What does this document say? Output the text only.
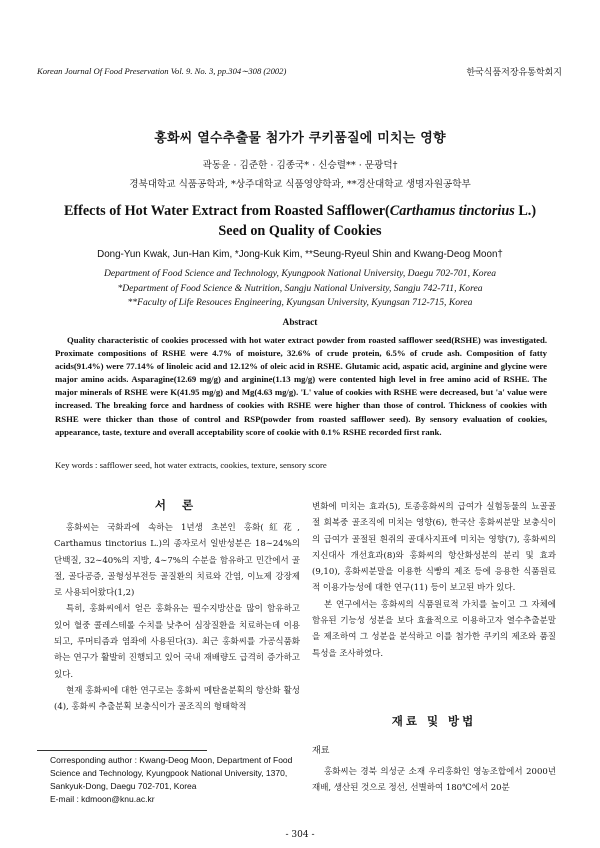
Korean Journal Of Food Preservation Vol. 9. No. 3, pp.304∼308 (2002)	한국식품저장유통학회지
홍화씨 열수추출물 첨가가 쿠키품질에 미치는 영향
곽동윤 · 김준한 · 김종국* · 신승렬** · 문광덕†
경북대학교 식품공학과, *상주대학교 식품영양학과, **경산대학교 생명자원공학부
Effects of Hot Water Extract from Roasted Safflower(Carthamus tinctorius L.)
Seed on Quality of Cookies
Dong-Yun Kwak, Jun-Han Kim, *Jong-Kuk Kim, **Seung-Ryeul Shin and Kwang-Deog Moon†
Department of Food Science and Technology, Kyungpook National University, Daegu 702-701, Korea
*Department of Food Science & Nutrition, Sangju National University, Sangju 742-711, Korea
**Faculty of Life Resouces Engineering, Kyungsan University, Kyungsan 712-715, Korea
Abstract
Quality characteristic of cookies processed with hot water extract powder from roasted safflower seed(RSHE) was investigated. Proximate compositions of RSHE were 4.7% of moisture, 32.6% of crude protein, 6.5% of crude ash. Composition of fatty acids(91.4%) were 77.14% of linoleic acid and 12.12% of oleic acid in RSHE. Glutamic acid, aspatic acid, arginine and glycine were major amino acids. Asparagine(12.69 mg/g) and arginine(1.13 mg/g) were contented high level in free amino acid of RSHE. The major minerals of RSHE were K(41.95 mg/g) and Mg(4.63 mg/g). 'L' value of cookies with RSHE were decreased, but 'a' value were increased. The breaking force and hardness of cookies with RSHE were higher than those of control. Thickness of cookies with RSHE were thicker than those of control and RSP(powder from roasted safflower seed). By sensory evaluation of cookies, appearance, taste, texture and overall acceptability score of cookie with 0.1% RSHE recorded first rank.
Key words : safflower seed, hot water extracts, cookies, texture, sensory score
서 론

홍화씨는 국화과에 속하는 1년생 초본인 홍화(紅花, Carthamus tinctorius L.)의 종자로서 일반성분은 18∼24%의 단백질, 32∼40%의 지방, 4∼7%의 수분을 함유하고 민간에서 골절, 골다공증, 골형성부전등 골질환의 치료와 간염, 이뇨제 강장제로 사용되어왔다(1,2)

특히, 홍화씨에서 얻은 홍화유는 필수지방산을 많이 함유하고 있어 혈중 콜레스테롤 수치를 낮추어 심장질환을 치료하는데 이용되고, 루머티즘과 염좌에 사용된다(3). 최근 홍화씨를 가공식품화 하는 연구가 활발히 진행되고 있어 국내 재배량도 급격히 증가하고 있다.

현재 홍화씨에 대한 연구로는 홍화씨 메탄올분획의 항산화 활성(4), 홍화씨 추출분획 보충식이가 골조직의 형태학적

변화에 미치는 효과(5), 토종홍화씨의 급여가 실험동물의 뇨골골절 회복중 골조직에 미치는 영향(6), 한국산 홍화씨분말 보충식이의 급여가 골절된 흰쥐의 골대사지표에 미치는 영향(7), 홍화씨의 지신대사 개선효과(8)와 홍화씨의 항산화성분의 분리 및 효과(9,10), 홍화씨분말을 이용한 식빵의 제조 등에 응용한 식품원료적 이용가능성에 대한 연구(11) 등이 보고된 바가 있다.

본 연구에서는 홍화씨의 식품원료적 가치를 높이고 그 자체에 함유된 기능성 성분을 보다 효율적으로 이용하고자 열수추출분말을 제조하여 그 성분을 분석하고 이를 첨가한 쿠키의 제조와 품질특성을 조사하였다.

재료 및 방법
재료

홍화씨는 경북 의성군 소재 우리홍화인 영농조합에서 2000년 재배, 생산된 것으로 정선, 선별하여 180℃에서 20분

Corresponding author : Kwang-Deog Moon, Department of Food
Science and Technology, Kyungpook National University, 1370,
Sankyuk-Dong, Daegu 702-701, Korea
E-mail : kdmoon@knu.ac.kr
- 304 -
